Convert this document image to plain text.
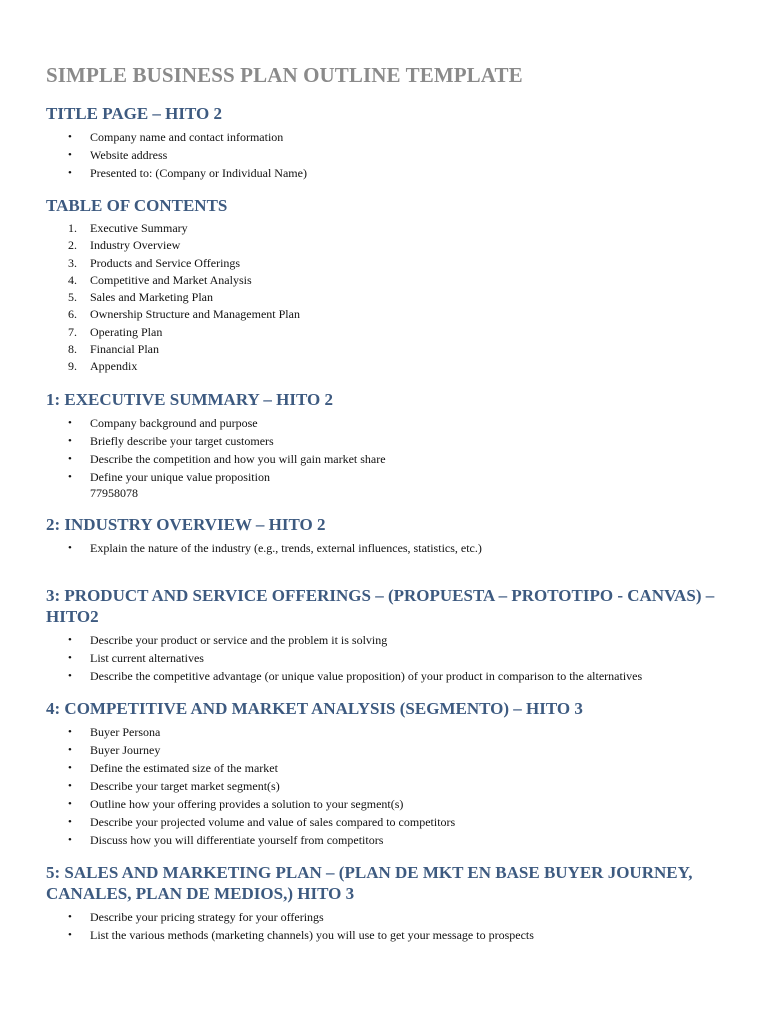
SIMPLE BUSINESS PLAN OUTLINE TEMPLATE
TITLE PAGE – HITO 2
• Company name and contact information
• Website address
• Presented to: (Company or Individual Name)
TABLE OF CONTENTS
Executive Summary
Industry Overview
Products and Service Offerings
Competitive and Market Analysis
Sales and Marketing Plan
Ownership Structure and Management Plan
Operating Plan
Financial Plan
Appendix
1: EXECUTIVE SUMMARY – HITO 2
• Company background and purpose
• Briefly describe your target customers
• Describe the competition and how you will gain market share
• Define your unique value proposition
77958078
2: INDUSTRY OVERVIEW – HITO 2
• Explain the nature of the industry (e.g., trends, external influences, statistics, etc.)
3: PRODUCT AND SERVICE OFFERINGS – (PROPUESTA – PROTOTIPO - CANVAS) – HITO2
• Describe your product or service and the problem it is solving
• List current alternatives
• Describe the competitive advantage (or unique value proposition) of your product in comparison to the alternatives
4: COMPETITIVE AND MARKET ANALYSIS (SEGMENTO) – HITO 3
• Buyer Persona
• Buyer Journey
• Define the estimated size of the market
• Describe your target market segment(s)
• Outline how your offering provides a solution to your segment(s)
• Describe your projected volume and value of sales compared to competitors
• Discuss how you will differentiate yourself from competitors
5: SALES AND MARKETING PLAN – (PLAN DE MKT EN BASE BUYER JOURNEY, CANALES, PLAN DE MEDIOS,) HITO 3
• Describe your pricing strategy for your offerings
• List the various methods (marketing channels) you will use to get your message to prospects
